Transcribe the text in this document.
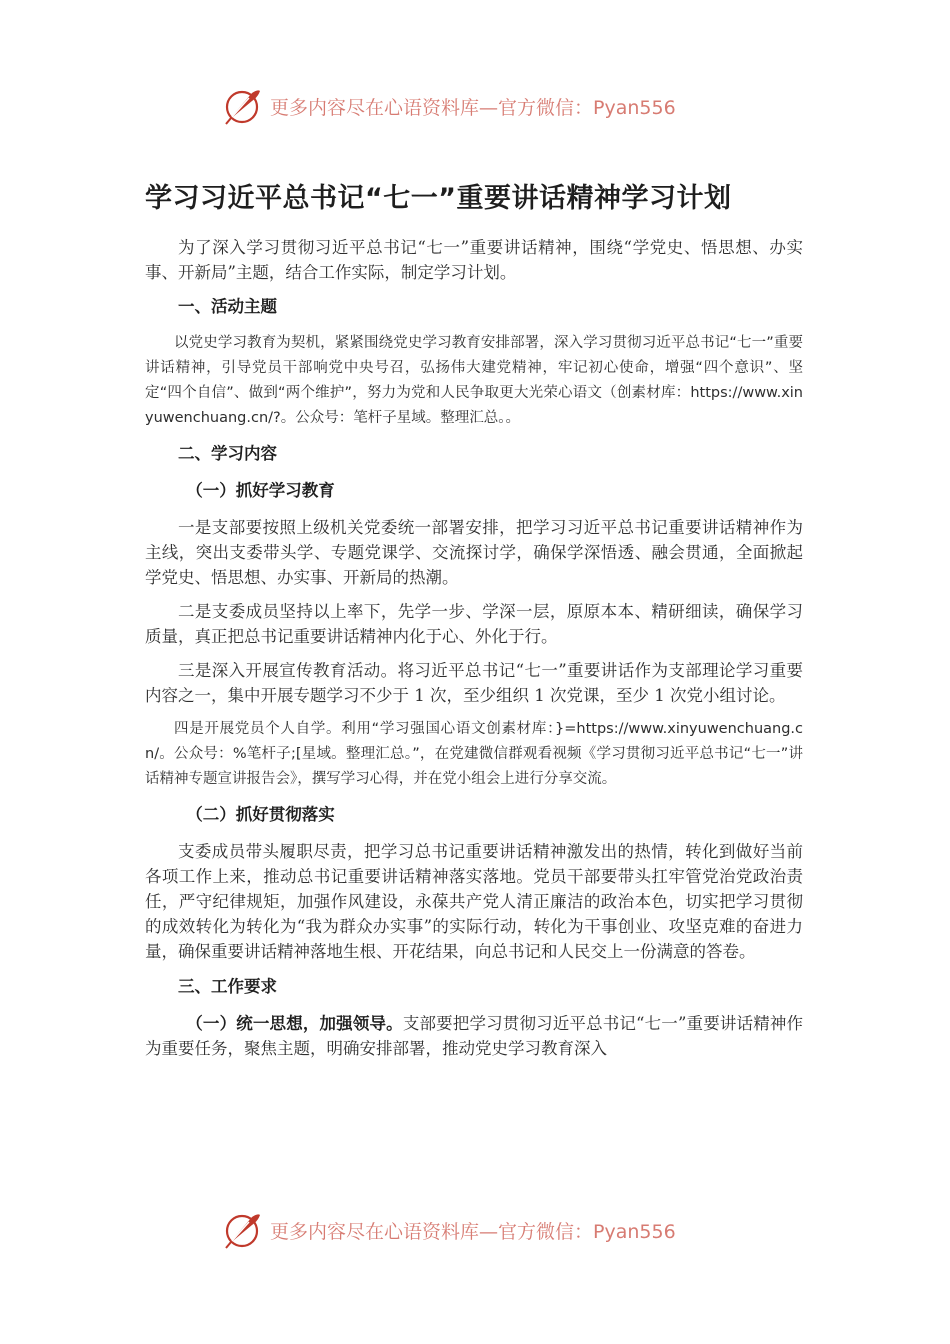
更多内容尽在心语资料库—官方微信：Pyan556
学习习近平总书记“七一”重要讲话精神学习计划

为了深入学习贯彻习近平总书记“七一”重要讲话精神，围绕“学党史、悟思想、办实事、开新局”主题，结合工作实际，制定学习计划。

一、活动主题

以党史学习教育为契机，紧紧围绕党史学习教育安排部署，深入学习贯彻习近平总书记“七一”重要讲话精神，引导党员干部响党中央号召，弘扬伟大建党精神，牢记初心使命，增强“四个意识”、坚定“四个自信”、做到“两个维护”，努力为党和人民争取更大光荣心语文（创素材库：https://www.xinyuwenchuang.cn/?。公众号：笔杆子星域。整理汇总。。

二、学习内容

（一）抓好学习教育

一是支部要按照上级机关党委统一部署安排，把学习习近平总书记重要讲话精神作为主线，突出支委带头学、专题党课学、交流探讨学，确保学深悟透、融会贯通，全面掀起学党史、悟思想、办实事、开新局的热潮。

二是支委成员坚持以上率下，先学一步、学深一层，原原本本、精研细读，确保学习质量，真正把总书记重要讲话精神内化于心、外化于行。

三是深入开展宣传教育活动。将习近平总书记“七一”重要讲话作为支部理论学习重要内容之一，集中开展专题学习不少于 1 次，至少组织 1 次党课，至少 1 次党小组讨论。

四是开展党员个人自学。利用“学习强国心语文创素材库：}=https://www.xinyuwenchuang.cn/。公众号：%笔杆子;[星域。整理汇总。”，在党建微信群观看视频《学习贯彻习近平总书记“七一”讲话精神专题宣讲报告会》，撰写学习心得，并在党小组会上进行分享交流。

（二）抓好贯彻落实

支委成员带头履职尽责，把学习总书记重要讲话精神激发出的热情，转化到做好当前各项工作上来，推动总书记重要讲话精神落实落地。党员干部要带头扛牢管党治党政治责任，严守纪律规矩，加强作风建设，永葆共产党人清正廉洁的政治本色，切实把学习贯彻的成效转化为转化为“我为群众办实事”的实际行动，转化为干事创业、攻坚克难的奋进力量，确保重要讲话精神落地生根、开花结果，向总书记和人民交上一份满意的答卷。

三、工作要求

（一）统一思想，加强领导。支部要把学习贯彻习近平总书记“七一”重要讲话精神作为重要任务，聚焦主题，明确安排部署，推动党史学习教育深入

更多内容尽在心语资料库—官方微信：Pyan556
